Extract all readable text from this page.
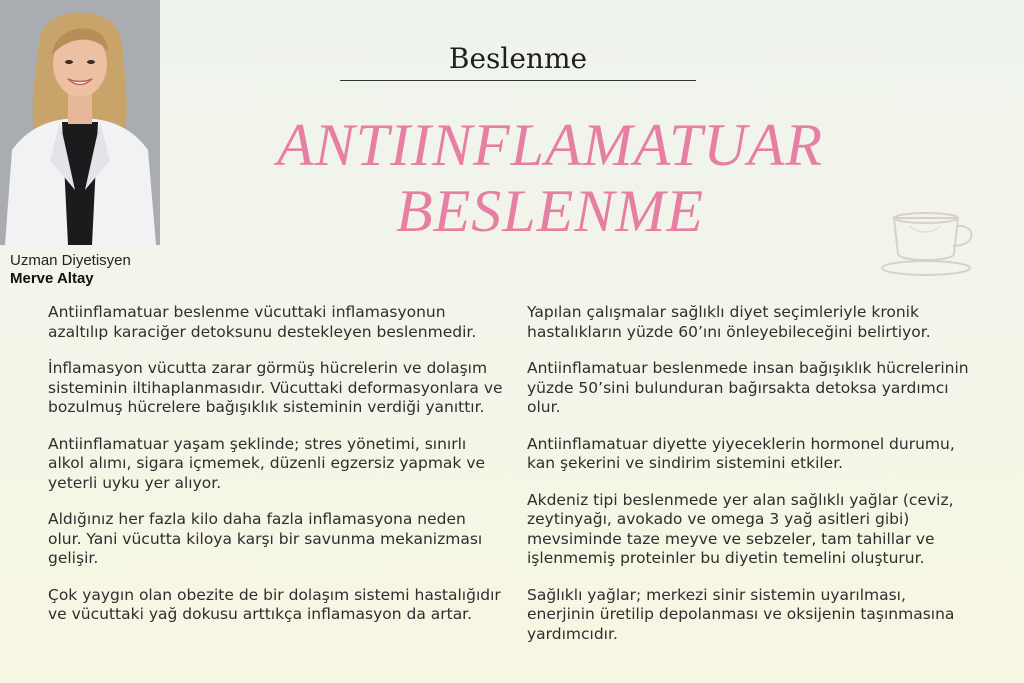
Uzman Diyetisyen
Merve Altay
Beslenme
ANTIINFLAMATUAR
BESLENME

Antiinflamatuar beslenme vücuttaki inflamasyonun azaltılıp karaciğer detoksunu destekleyen beslenmedir.

İnflamasyon vücutta zarar görmüş hücrelerin ve dolaşım sisteminin iltihaplanmasıdır. Vücuttaki deformasyonlara ve bozulmuş hücrelere bağışıklık sisteminin verdiği yanıttır.

Antiinflamatuar yaşam şeklinde; stres yönetimi, sınırlı alkol alımı, sigara içmemek, düzenli egzersiz yapmak ve yeterli uyku yer alıyor.

Aldığınız her fazla kilo daha fazla inflamasyona neden olur. Yani vücutta kiloya karşı bir savunma mekanizması gelişir.

Çok yaygın olan obezite de bir dolaşım sistemi hastalığıdır ve vücuttaki yağ dokusu arttıkça inflamasyon da artar.

Yapılan çalışmalar sağlıklı diyet seçimleriyle kronik hastalıkların yüzde 60’ını önleyebileceğini belirtiyor.

Antiinflamatuar beslenmede insan bağışıklık hücrelerinin yüzde 50’sini bulunduran bağırsakta detoksa yardımcı olur.

Antiinflamatuar diyette yiyeceklerin hormonel durumu, kan şekerini ve sindirim sistemini etkiler.

Akdeniz tipi beslenmede yer alan sağlıklı yağlar (ceviz, zeytinyağı, avokado ve omega 3 yağ asitleri gibi) mevsiminde taze meyve ve sebzeler, tam tahillar ve işlenmemiş proteinler bu diyetin temelini oluşturur.

Sağlıklı yağlar; merkezi sinir sistemin uyarılması, enerjinin üretilip depolanması ve oksijenin taşınmasına yardımcıdır.
